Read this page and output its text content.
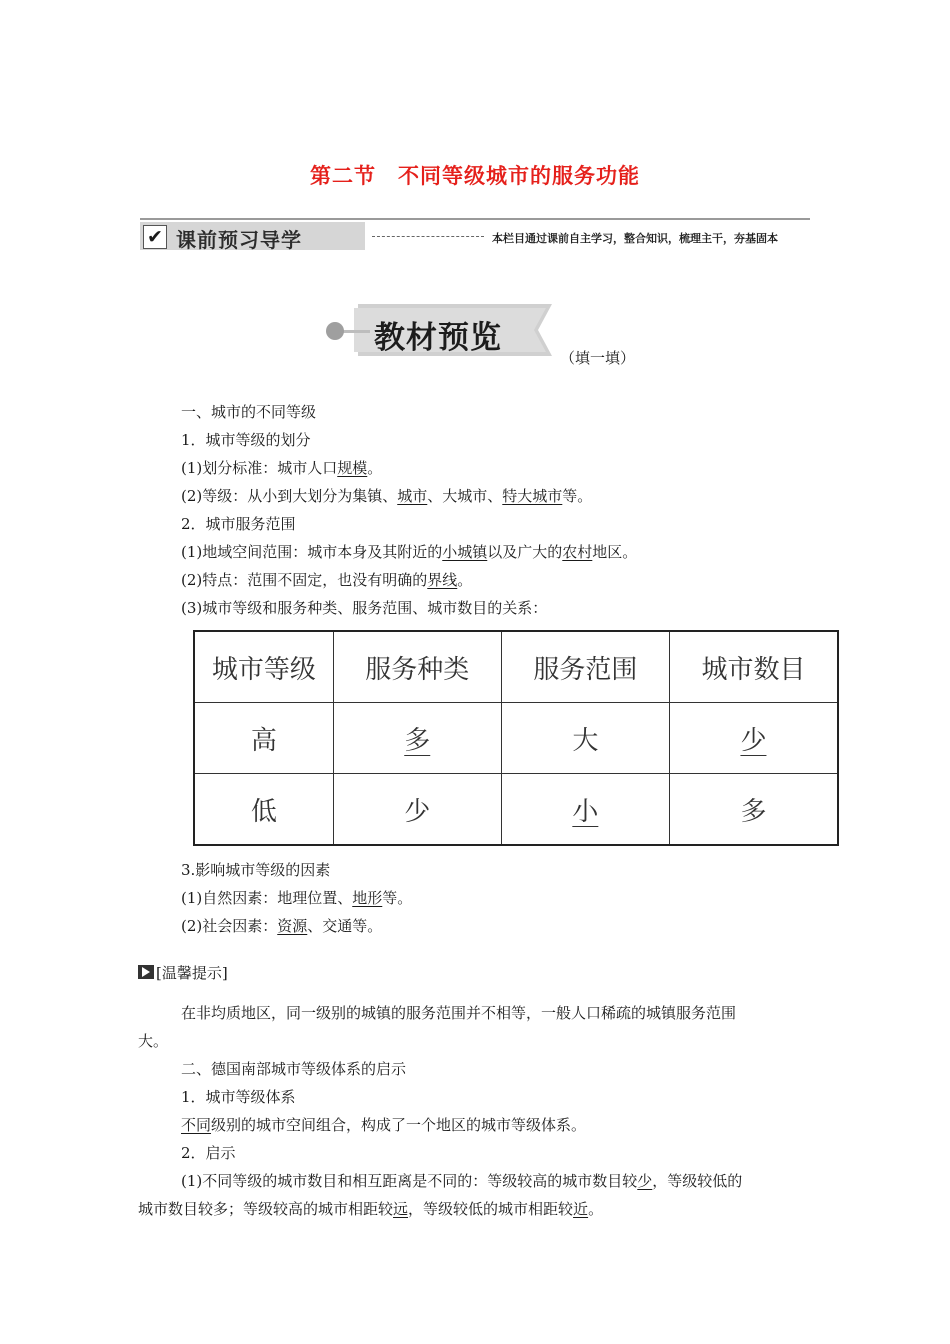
第二节　不同等级城市的服务功能
✔ 课前预习导学	本栏目通过课前自主学习，整合知识，梳理主干，夯基固本
教材预览
（填一填）
一、城市的不同等级
1．城市等级的划分
(1)划分标准：城市人口规模。
(2)等级：从小到大划分为集镇、城市、大城市、特大城市等。
2．城市服务范围
(1)地域空间范围：城市本身及其附近的小城镇以及广大的农村地区。
(2)特点：范围不固定，也没有明确的界线。
(3)城市等级和服务种类、服务范围、城市数目的关系：
城市等级	服务种类	服务范围	城市数目
高	多	大	少
低	少	小	多
3.影响城市等级的因素
(1)自然因素：地理位置、地形等。
(2)社会因素：资源、交通等。
[温馨提示]
在非均质地区，同一级别的城镇的服务范围并不相等，一般人口稀疏的城镇服务范围
大。
二、德国南部城市等级体系的启示
1．城市等级体系
不同级别的城市空间组合，构成了一个地区的城市等级体系。
2．启示
(1)不同等级的城市数目和相互距离是不同的：等级较高的城市数目较少，等级较低的
城市数目较多；等级较高的城市相距较远，等级较低的城市相距较近。
